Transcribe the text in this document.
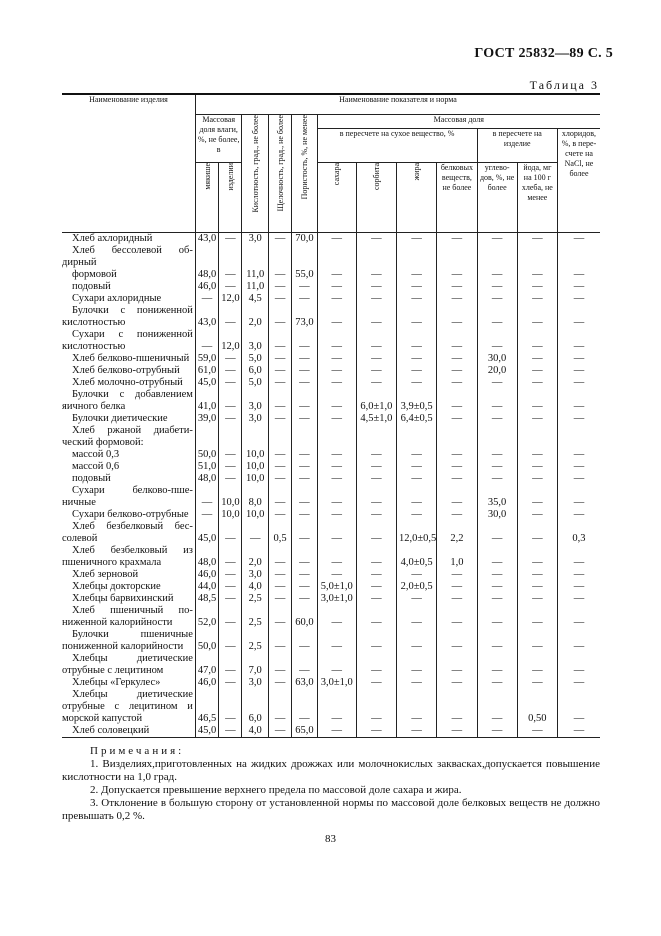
ГОСТ 25832—89 С. 5
Таблица 3
Наименование изделия	Наименование показателя и норма											
	Массовая доля влаги, %, не более, в		Кислотность, град., не более	Щелочность, град., не более	Пористость, %, не менее	Массовая доля						
						в пересчете на сухое вещество, %				в пересчете на изделие		хлоридов, %, в пересчете на NaCl, не более

	мякише	изделии				сахара	сорбита	жира	белковых веществ, не более	углеводов, %, не более	йода, мг на 100 г хлеба, не менее	
Хлеб ахлоридный	43,0	—	3,0	—	70,0	—	—	—	—	—	—	—
Хлеб бессолевой обдирный												
формовой	48,0	—	11,0	—	55,0	—	—	—	—	—	—	—
подовый	46,0	—	11,0	—	—	—	—	—	—	—	—	—
Сухари ахлоридные	—	12,0	4,5	—	—	—	—	—	—	—	—	—
Булочки с пониженной кислотностью	43,0	—	2,0	—	73,0	—	—	—	—	—	—	—
Сухари с пониженной кислотностью	—	12,0	3,0	—	—	—	—	—	—	—	—	—
Хлеб белково-пшеничный	59,0	—	5,0	—	—	—	—	—	—	30,0	—	—
Хлеб белково-отрубный	61,0	—	6,0	—	—	—	—	—	—	20,0	—	—
Хлеб молочно-отрубный	45,0	—	5,0	—	—	—	—	—	—	—	—	—
Булочки с добавлением яичного белка	41,0	—	3,0	—	—	—	6,0±1,0	3,9±0,5	—	—	—	—
Булочки диетические	39,0	—	3,0	—	—	—	4,5±1,0	6,4±0,5	—	—	—	—
Хлеб ржаной диабетический формовой:												
массой 0,3	50,0	—	10,0	—	—	—	—	—	—	—	—	—
массой 0,6	51,0	—	10,0	—	—	—	—	—	—	—	—	—
подовый	48,0	—	10,0	—	—	—	—	—	—	—	—	—
Сухари белково-пшеничные	—	10,0	8,0	—	—	—	—	—	—	35,0	—	—
Сухари белково-отрубные	—	10,0	10,0	—	—	—	—	—	—	30,0	—	—
Хлеб безбелковый бессолевой	45,0	—	—	0,5	—	—	—	12,0±0,5	2,2	—	—	0,3
Хлеб безбелковый из пшеничного крахмала	48,0	—	2,0	—	—	—	—	4,0±0,5	1,0	—	—	—
Хлеб зерновой	46,0	—	3,0	—	—	—	—	—	—	—	—	—
Хлебцы докторские	44,0	—	4,0	—	—	5,0±1,0	—	2,0±0,5	—	—	—	—
Хлебцы барвихинский	48,5	—	2,5	—	—	3,0±1,0	—	—	—	—	—	—
Хлеб пшеничный пониженной калорийности	52,0	—	2,5	—	60,0	—	—	—	—	—	—	—
Булочки пшеничные пониженной калорийности	50,0	—	2,5	—	—	—	—	—	—	—	—	—
Хлебцы диетические отрубные с лецитином	47,0	—	7,0	—	—	—	—	—	—	—	—	—
Хлебцы «Геркулес»	46,0	—	3,0	—	63,0	3,0±1,0	—	—	—	—	—	—
Хлебцы диетические отрубные с лецитином и морской капустой	46,5	—	6,0	—	—	—	—	—	—	—	0,50	—
Хлеб соловецкий	45,0	—	4,0	—	65,0	—	—	—	—	—	—	—
Примечания:

1. Визделиях,приготовленных на жидких дрожжах или молочнокислых заквасках,допускается повышение кислотности на 1,0 град.

2. Допускается превышение верхнего предела по массовой доле сахара и жира.

3. Отклонение в большую сторону от установленной нормы по массовой доле белковых веществ не должно превышать 0,2 %.

83
